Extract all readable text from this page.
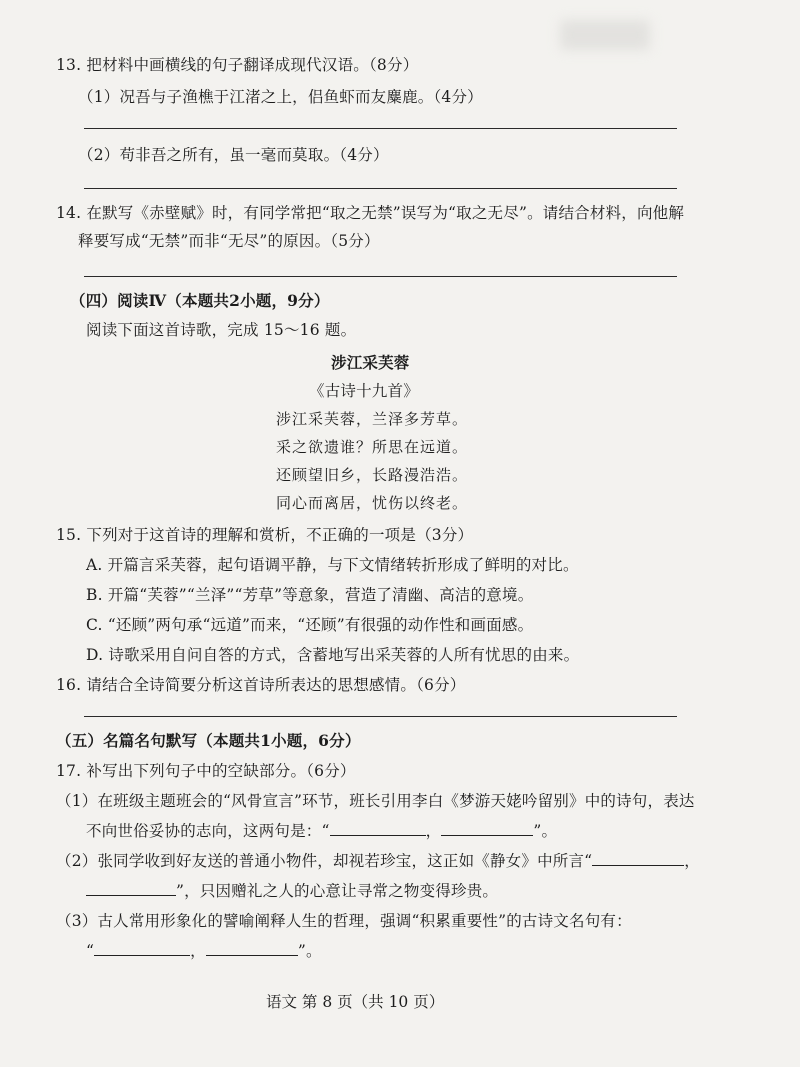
13. 把材料中画横线的句子翻译成现代汉语。（8分）
（1）况吾与子渔樵于江渚之上，侣鱼虾而友麋鹿。（4分）
（2）苟非吾之所有，虽一毫而莫取。（4分）
14. 在默写《赤壁赋》时，有同学常把“取之无禁”误写为“取之无尽”。请结合材料，向他解
释要写成“无禁”而非“无尽”的原因。（5分）
（四）阅读Ⅳ（本题共2小题，9分）
阅读下面这首诗歌，完成 15～16 题。
涉江采芙蓉
《古诗十九首》
涉江采芙蓉，兰泽多芳草。
采之欲遗谁？所思在远道。
还顾望旧乡，长路漫浩浩。
同心而离居，忧伤以终老。
15. 下列对于这首诗的理解和赏析，不正确的一项是（3分）
A. 开篇言采芙蓉，起句语调平静，与下文情绪转折形成了鲜明的对比。
B. 开篇“芙蓉”“兰泽”“芳草”等意象，营造了清幽、高洁的意境。
C. “还顾”两句承“远道”而来，“还顾”有很强的动作性和画面感。
D. 诗歌采用自问自答的方式，含蓄地写出采芙蓉的人所有忧思的由来。
16. 请结合全诗简要分析这首诗所表达的思想感情。（6分）
（五）名篇名句默写（本题共1小题，6分）
17. 补写出下列句子中的空缺部分。（6分）
（1）在班级主题班会的“风骨宣言”环节，班长引用李白《梦游天姥吟留别》中的诗句，表达
不向世俗妥协的志向，这两句是：“	，	”。
（2）张同学收到好友送的普通小物件，却视若珍宝，这正如《静女》中所言“	，
”，只因赠礼之人的心意让寻常之物变得珍贵。
（3）古人常用形象化的譬喻阐释人生的哲理，强调“积累重要性”的古诗文名句有：
“	，	”。
语文 第 8 页（共 10 页）
